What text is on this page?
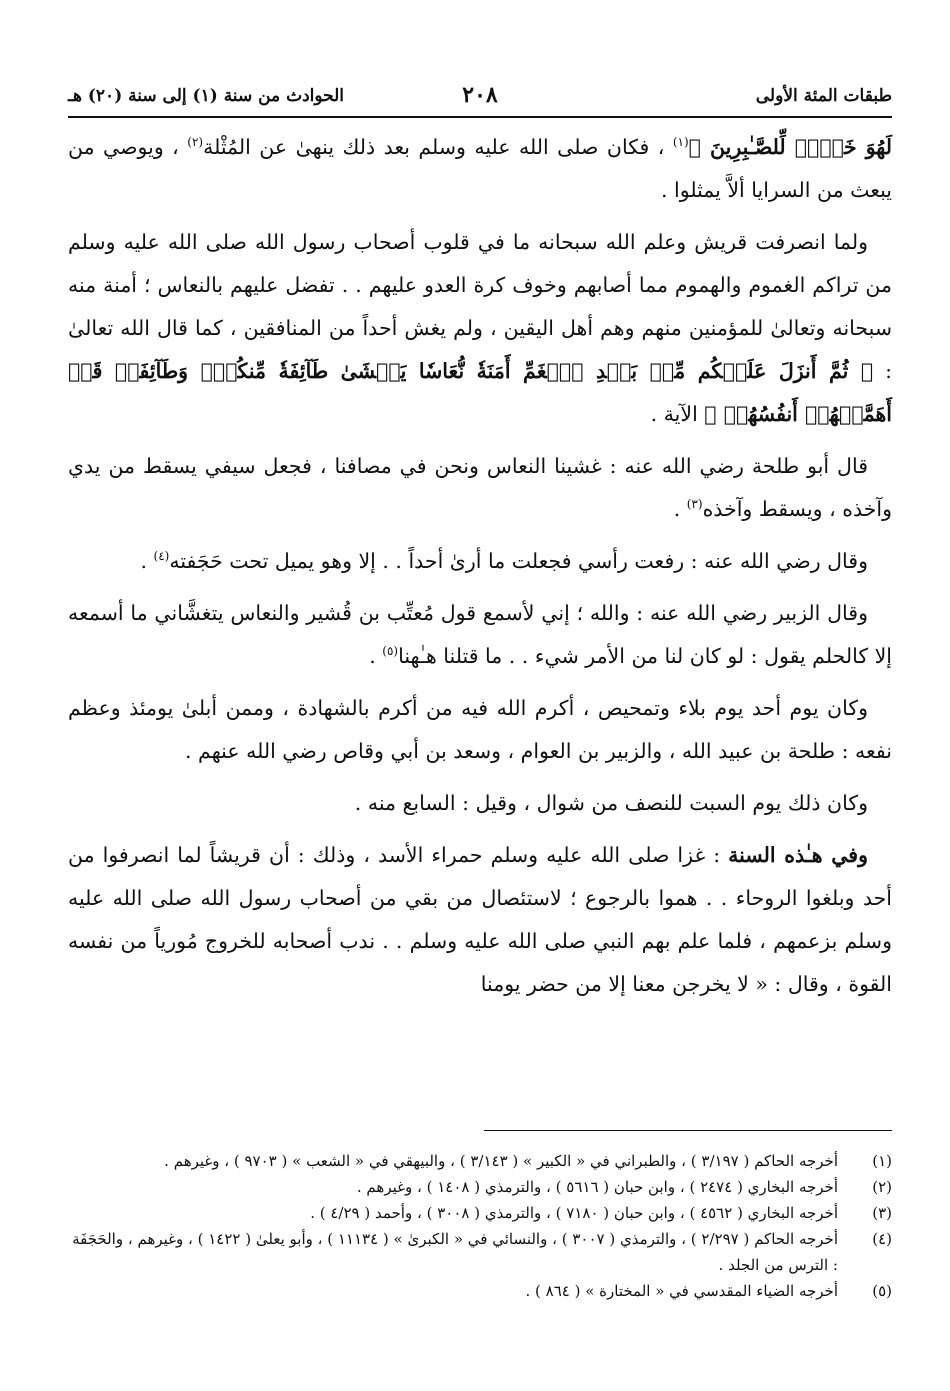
طبقات المئة الأولى
٢٠٨
الحوادث من سنة (١) إلى سنة (٢٠) هـ

لَهُوَ خَيۡرٞ لِّلصَّـٰبِرِينَ ﴾$^{(١)}$ ، فكان صلى الله عليه وسلم بعد ذلك ينهىٰ عن المُثْلة$^{(٢)}$ ، ويوصي من يبعث من السرايا ألاَّ يمثلوا .

ولما انصرفت قريش وعلم الله سبحانه ما في قلوب أصحاب رسول الله صلى الله عليه وسلم من تراكم الغموم والهموم مما أصابهم وخوف كرة العدو عليهم . . تفضل عليهم بالنعاس ؛ أمنة منه سبحانه وتعالىٰ للمؤمنين منهم وهم أهل اليقين ، ولم يغش أحداً من المنافقين ، كما قال الله تعالىٰ : ﴿ ثُمَّ أَنزَلَ عَلَيۡكُم مِّنۢ بَعۡدِ ٱلۡغَمِّ أَمَنَةٗ نُّعَاسٗا يَغۡشَىٰ طَآئِفَةٗ مِّنكُمۡۖ وَطَآئِفَةٞ قَدۡ أَهَمَّتۡهُمۡ أَنفُسُهُمۡ ﴾ الآية .

قال أبو طلحة رضي الله عنه : غشينا النعاس ونحن في مصافنا ، فجعل سيفي يسقط من يدي وآخذه ، ويسقط وآخذه$^{(٣)}$ .

وقال رضي الله عنه : رفعت رأسي فجعلت ما أرىٰ أحداً . . إلا وهو يميل تحت حَجَفته$^{(٤)}$ .

وقال الزبير رضي الله عنه : والله ؛ إني لأسمع قول مُعتِّب بن قُشير والنعاس يتغشَّاني ما أسمعه إلا كالحلم يقول : لو كان لنا من الأمر شيء . . ما قتلنا هـٰهنا$^{(٥)}$ .

وكان يوم أحد يوم بلاء وتمحيص ، أكرم الله فيه من أكرم بالشهادة ، وممن أبلىٰ يومئذ وعظم نفعه : طلحة بن عبيد الله ، والزبير بن العوام ، وسعد بن أبي وقاص رضي الله عنهم .

وكان ذلك يوم السبت للنصف من شوال ، وقيل : السابع منه .

وفي هـٰذه السنة : غزا صلى الله عليه وسلم حمراء الأسد ، وذلك : أن قريشاً لما انصرفوا من أحد وبلغوا الروحاء . . هموا بالرجوع ؛ لاستئصال من بقي من أصحاب رسول الله صلى الله عليه وسلم بزعمهم ، فلما علم بهم النبي صلى الله عليه وسلم . . ندب أصحابه للخروج مُورياً من نفسه القوة ، وقال : « لا يخرجن معنا إلا من حضر يومنا

(١)
أخرجه الحاكم ( ٣/١٩٧ ) ، والطبراني في « الكبير » ( ٣/١٤٣ ) ، والبيهقي في « الشعب » ( ٩٧٠٣ ) ، وغيرهم .
(٢)
أخرجه البخاري ( ٢٤٧٤ ) ، وابن حبان ( ٥٦١٦ ) ، والترمذي ( ١٤٠٨ ) ، وغيرهم .
(٣)
أخرجه البخاري ( ٤٥٦٢ ) ، وابن حبان ( ٧١٨٠ ) ، والترمذي ( ٣٠٠٨ ) ، وأحمد ( ٤/٢٩ ) .
(٤)
أخرجه الحاكم ( ٢/٢٩٧ ) ، والترمذي ( ٣٠٠٧ ) ، والنسائي في « الكبرىٰ » ( ١١١٣٤ ) ، وأبو يعلىٰ ( ١٤٢٢ ) ، وغيرهم ، والحَجَفَة : الترس من الجلد .
(٥)
أخرجه الضياء المقدسي في « المختارة » ( ٨٦٤ ) .
